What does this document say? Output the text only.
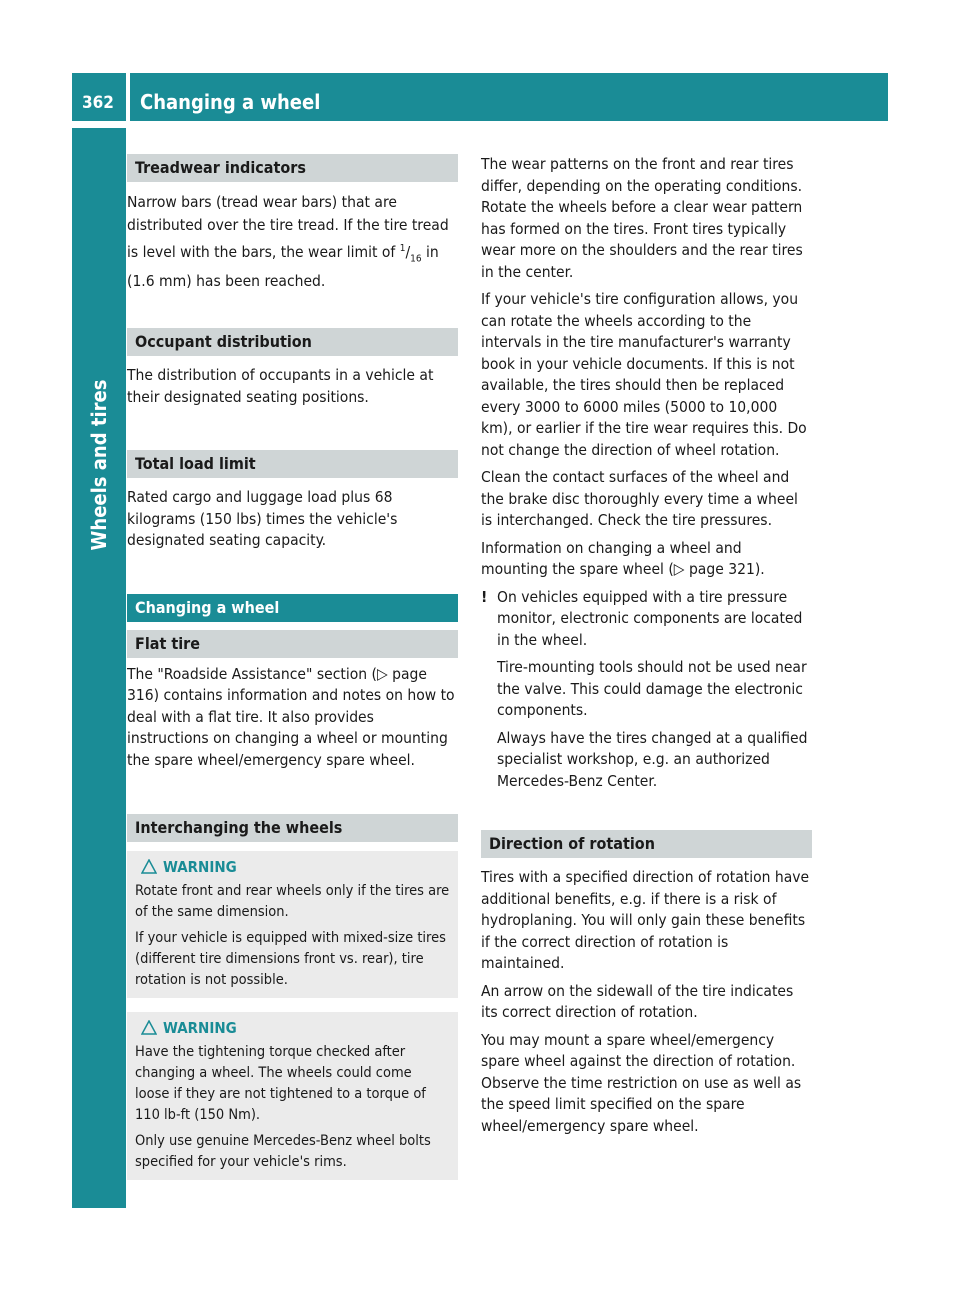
362 Changing a wheel
Wheels and tires
Treadwear indicators

Narrow bars (tread wear bars) that are distributed over the tire tread. If the tire tread is level with the bars, the wear limit of $^1/_{16}$ in (1.6 mm) has been reached.

Occupant distribution

The distribution of occupants in a vehicle at their designated seating positions.

Total load limit

Rated cargo and luggage load plus 68 kilograms (150 lbs) times the vehicle's designated seating capacity.

Changing a wheel
Flat tire

The "Roadside Assistance" section (▷ page 316) contains information and notes on how to deal with a flat tire. It also provides instructions on changing a wheel or mounting the spare wheel/emergency spare wheel.

Interchanging the wheels
WARNING

Rotate front and rear wheels only if the tires are of the same dimension.

If your vehicle is equipped with mixed-size tires (different tire dimensions front vs. rear), tire rotation is not possible.

WARNING

Have the tightening torque checked after changing a wheel. The wheels could come loose if they are not tightened to a torque of 110 lb-ft (150 Nm).

Only use genuine Mercedes-Benz wheel bolts specified for your vehicle's rims.

The wear patterns on the front and rear tires differ, depending on the operating conditions. Rotate the wheels before a clear wear pattern has formed on the tires. Front tires typically wear more on the shoulders and the rear tires in the center.

If your vehicle's tire configuration allows, you can rotate the wheels according to the intervals in the tire manufacturer's warranty book in your vehicle documents. If this is not available, the tires should then be replaced every 3000 to 6000 miles (5000 to 10,000 km), or earlier if the tire wear requires this. Do not change the direction of wheel rotation.

Clean the contact surfaces of the wheel and the brake disc thoroughly every time a wheel is interchanged. Check the tire pressures.

Information on changing a wheel and mounting the spare wheel (▷ page 321).

! On vehicles equipped with a tire pressure monitor, electronic components are located in the wheel.

Tire-mounting tools should not be used near the valve. This could damage the electronic components.

Always have the tires changed at a qualified specialist workshop, e.g. an authorized Mercedes-Benz Center.

Direction of rotation

Tires with a specified direction of rotation have additional benefits, e.g. if there is a risk of hydroplaning. You will only gain these benefits if the correct direction of rotation is maintained.

An arrow on the sidewall of the tire indicates its correct direction of rotation.

You may mount a spare wheel/emergency spare wheel against the direction of rotation. Observe the time restriction on use as well as the speed limit specified on the spare wheel/emergency spare wheel.
